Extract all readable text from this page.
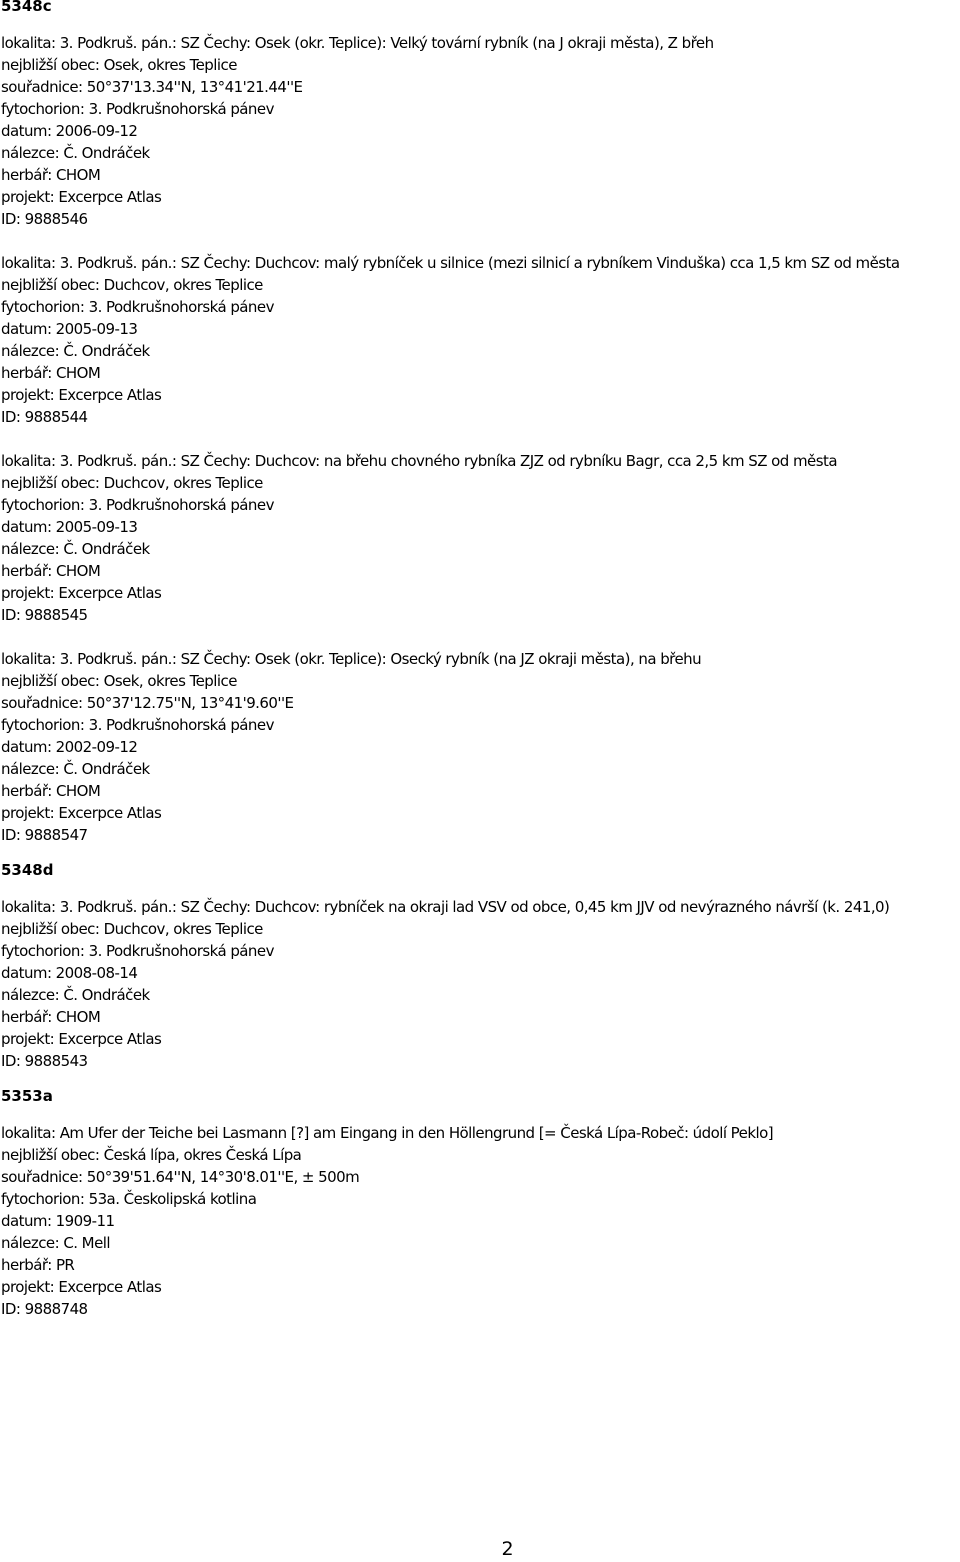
5348c
lokalita: 3. Podkruš. pán.: SZ Čechy: Osek (okr. Teplice): Velký tovární rybník (na J okraji města), Z břeh
nejbližší obec: Osek, okres Teplice
souřadnice: 50°37'13.34''N, 13°41'21.44''E
fytochorion: 3. Podkrušnohorská pánev
datum: 2006-09-12
nálezce: Č. Ondráček
herbář: CHOM
projekt: Excerpce Atlas
ID: 9888546
lokalita: 3. Podkruš. pán.: SZ Čechy: Duchcov: malý rybníček u silnice (mezi silnicí a rybníkem Vinduška) cca 1,5 km SZ od města
nejbližší obec: Duchcov, okres Teplice
fytochorion: 3. Podkrušnohorská pánev
datum: 2005-09-13
nálezce: Č. Ondráček
herbář: CHOM
projekt: Excerpce Atlas
ID: 9888544
lokalita: 3. Podkruš. pán.: SZ Čechy: Duchcov: na břehu chovného rybníka ZJZ od rybníku Bagr, cca 2,5 km SZ od města
nejbližší obec: Duchcov, okres Teplice
fytochorion: 3. Podkrušnohorská pánev
datum: 2005-09-13
nálezce: Č. Ondráček
herbář: CHOM
projekt: Excerpce Atlas
ID: 9888545
lokalita: 3. Podkruš. pán.: SZ Čechy: Osek (okr. Teplice): Osecký rybník (na JZ okraji města), na břehu
nejbližší obec: Osek, okres Teplice
souřadnice: 50°37'12.75''N, 13°41'9.60''E
fytochorion: 3. Podkrušnohorská pánev
datum: 2002-09-12
nálezce: Č. Ondráček
herbář: CHOM
projekt: Excerpce Atlas
ID: 9888547
5348d
lokalita: 3. Podkruš. pán.: SZ Čechy: Duchcov: rybníček na okraji lad VSV od obce, 0,45 km JJV od nevýrazného návrší (k. 241,0)
nejbližší obec: Duchcov, okres Teplice
fytochorion: 3. Podkrušnohorská pánev
datum: 2008-08-14
nálezce: Č. Ondráček
herbář: CHOM
projekt: Excerpce Atlas
ID: 9888543
5353a
lokalita: Am Ufer der Teiche bei Lasmann [?] am Eingang in den Höllengrund [= Česká Lípa-Robeč: údolí Peklo]
nejbližší obec: Česká lípa, okres Česká Lípa
souřadnice: 50°39'51.64''N, 14°30'8.01''E, ± 500m
fytochorion: 53a. Českolipská kotlina
datum: 1909-11
nálezce: C. Mell
herbář: PR
projekt: Excerpce Atlas
ID: 9888748
2
